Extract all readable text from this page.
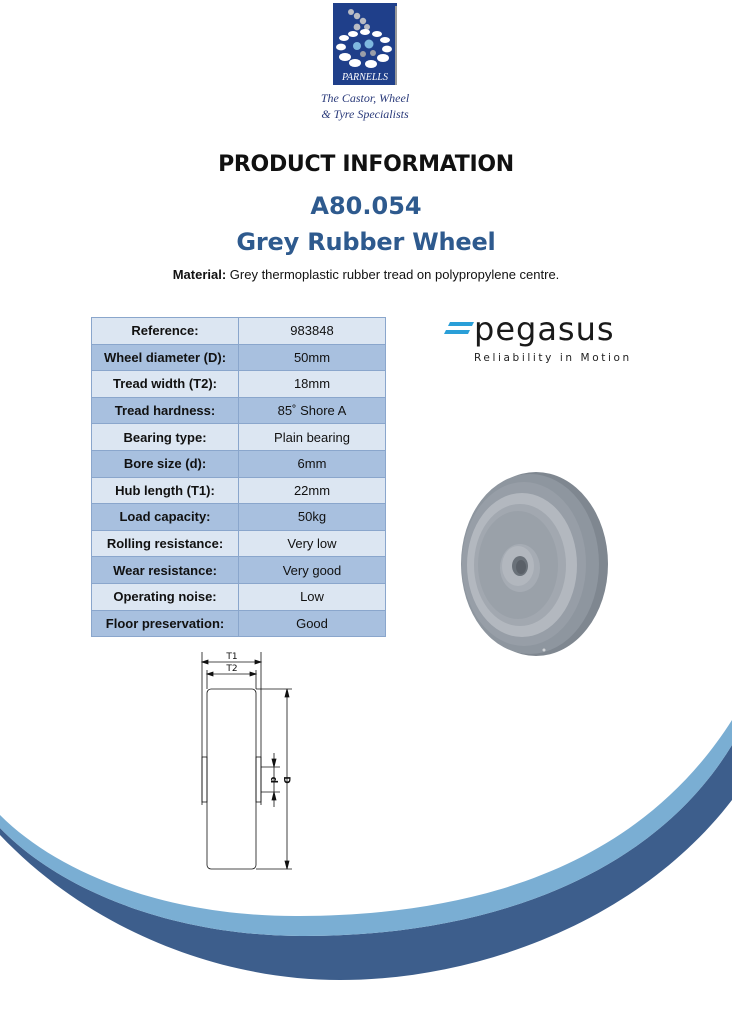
PARNELLS
The Castor, Wheel
& Tyre Specialists
PRODUCT INFORMATION
A80.054
Grey Rubber Wheel
Material: Grey thermoplastic rubber tread on polypropylene centre.
Reference:	983848
Wheel diameter (D):	50mm
Tread width (T2):	18mm
Tread hardness:	85˚ Shore A
Bearing type:	Plain bearing
Bore size (d):	6mm
Hub length (T1):	22mm
Load capacity:	50kg
Rolling resistance:	Very low
Wear resistance:	Very good
Operating noise:	Low
Floor preservation:	Good
pegasus
Reliability in Motion
T1
T2
d D
